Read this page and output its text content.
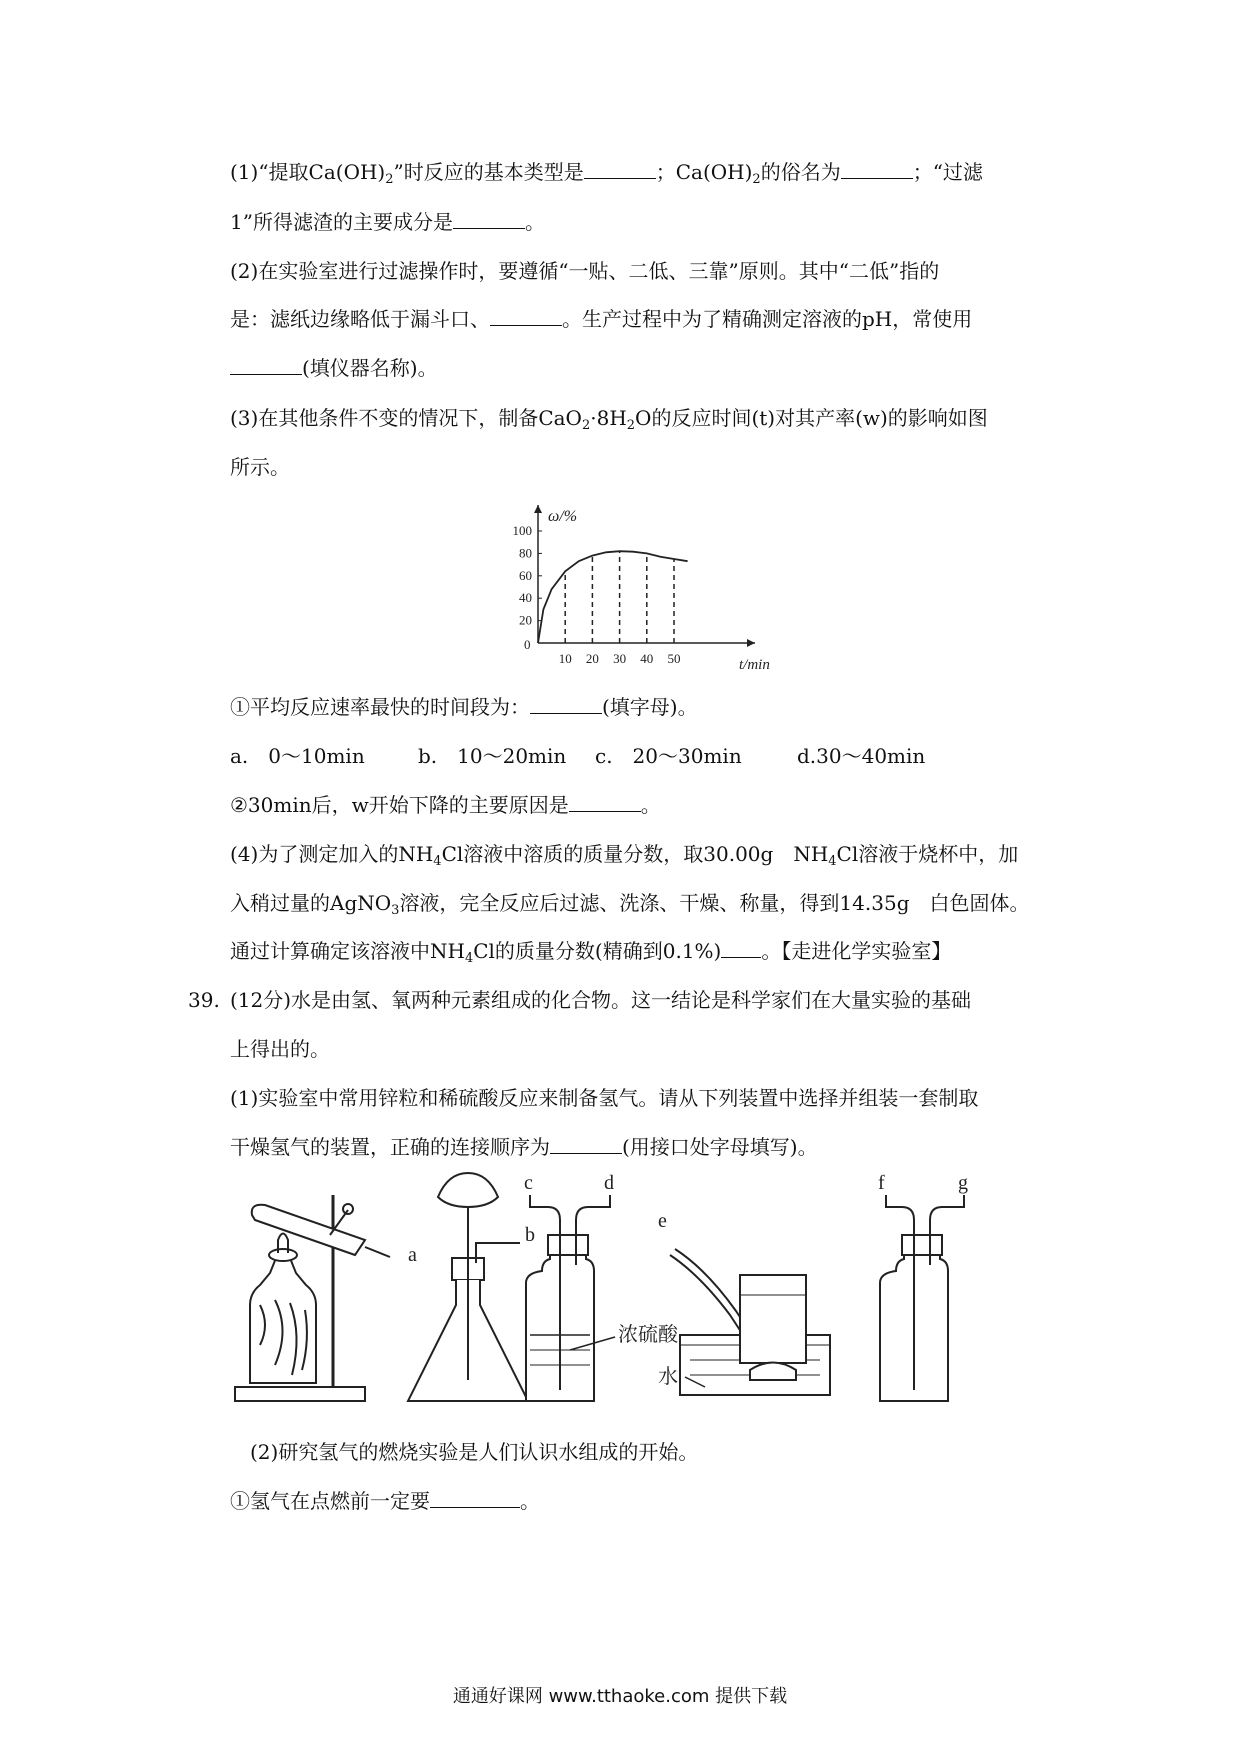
(1)“提取$Ca(OH)_2$”时反应的基本类型是	；$Ca(OH)_2$的俗名为	；“过滤
1”所得滤渣的主要成分是	。
(2)在实验室进行过滤操作时，要遵循“一贴、二低、三靠”原则。其中“二低”指的
是：滤纸边缘略低于漏斗口、	。生产过程中为了精确测定溶液的pH，常使用
(填仪器名称)。
(3)在其他条件不变的情况下，制备$CaO_2\cdot 8H_2O$的反应时间(t)对其产率(w)的影响如图
所示。
ω/%
t/min
0
20
40
60
80
100
10 20 30 40 50
①平均反应速率最快的时间段为：	(填字母)。
a.　0～10min	b.　10～20min c.　20～30min	d.30～40min
②30min后，w开始下降的主要原因是	。
(4)为了测定加入的$NH_4Cl$溶液中溶质的质量分数，取30.00g　$NH_4Cl$溶液于烧杯中，加
入稍过量的AgNO$_3$溶液，完全反应后过滤、洗涤、干燥、称量，得到14.35g　白色固体。
通过计算确定该溶液中$NH_4Cl$的质量分数(精确到0.1%) 。【走进化学实验室】
39. (12分)水是由氢、氧两种元素组成的化合物。这一结论是科学家们在大量实验的基础
上得出的。
(1)实验室中常用锌粒和稀硫酸反应来制备氢气。请从下列装置中选择并组装一套制取
干燥氢气的装置，正确的连接顺序为	(用接口处字母填写)。
a
b
c	d
浓硫酸
e
水
f	g
(2)研究氢气的燃烧实验是人们认识水组成的开始。
①氢气在点燃前一定要	。
通通好课网 www.tthaoke.com 提供下载
